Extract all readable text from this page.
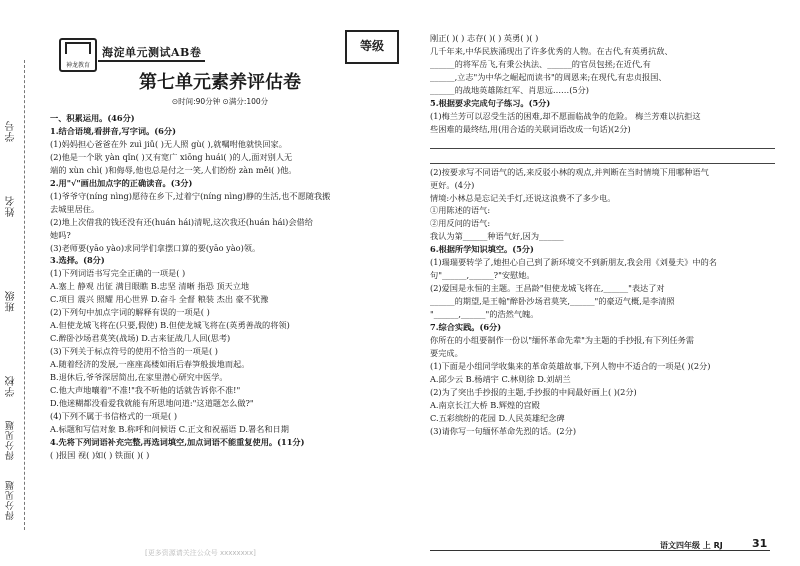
学号
姓名
班级
学校
得分见题
得分见题
神龙教育
海淀单元测试AB卷	等级
第七单元素养评估卷
⊙时间:90分钟 ⊙满分:100分

一、积累运用。(46分)

1.结合语境,看拼音,写字词。(6分)

(1)妈妈担心爸爸在外 zuì jiǔ( )无人照 gù( ),就嘱咐他就快回家。

(2)他是一个耿 yàn qǐn( )又有宽广 xiōng huái( )的人,面对别人无

端的 xùn chì( )和侮辱,他也总是付之一笑,人们纷纷 zàn měi( )他。

2.用"√"画出加点字的正确读音。(3分)

(1)爷爷守(níng nìng)愿待在乡下,过着宁(níng nìng)静的生活,也不愿随我搬

去城里居住。

(2)地上次借我的钱还没有还(huán hái)清呢,这次我还(huán hái)会借给

她吗?

(3)老师要(yāo yào)求同学们拿摆口算的要(yāo yào)领。

3.选择。(8分)

(1)下列词语书写完全正确的一项是( )

A.塞上 静观 出征 满目眼瞧 B.忠坚 清晰 指恐 顶天立地

C.项目 震兴 照耀 用心世界 D.奋斗 全督 粮装 杰出 豪不犹豫

(2)下列句中加点字词的解释有误的一项是( )

A.但使龙城飞将在(只要,假使) B.但使龙城飞将在(英勇善战的将领)

C.醉卧沙场君莫笑(战场) D.古来征战几人回(思考)

(3)下列关于标点符号的使用不恰当的一项是( )

A.随着经济的发展,一座座高楼如雨后春笋般拔地而起。

B.退休后,爷爷深居简出,在家里潜心研究中医学。

C.他大声地嚷着"不准!"我不听他的话就告诉你不准!"

D.他迷糊都没看爱我就能有所思地问道:"这道题怎么做?"

(4)下列不属于书信格式的一项是( )

A.标题和写信对象 B.称呼和问候语 C.正文和祝福语 D.署名和日期

4.先将下列词语补充完整,再选词填空,加点词语不能重复使用。(11分)

( )报国 视( )如( ) 铁面( )( )

刚正( )( ) 志存( )( ) 英勇( )( )

几千年来,中华民族涌现出了许多优秀的人物。在古代,有英勇抗敌、

______的将军岳飞,有秉公执法、______的官员包拯;在近代,有

______,立志"为中华之崛起而读书"的周恩来;在现代,有忠贞报国、

______的战地英雄陈红军、肖思远……(5分)

5.根据要求完成句子练习。(5分)

(1)梅兰芳可以忍受生活的困难,却不愿面临战争的危险。 梅兰芳难以抗拒这

些困难的最终结,用(用合适的关联词语改成一句话)(2分)

(2)按要求写不同语气的话,来反驳小林的观点,并判断在当时情境下用哪种语气

更好。(4分)

情境:小林总是忘记关手灯,还说这浪费不了多少电。

①用陈述的语气:

②用反问的语气:

我认为第______种语气好,因为______

6.根据所学知识填空。(5分)

(1)瑞瑞要转学了,她担心自己到了新环境交不到新朋友,我会用《刘曼夫》中的名

句"______,______?"安慰她。

(2)爱国是永恒的主题。王昌龄"但使龙城飞将在,______"表达了对

______的期望,是王翰"醉卧沙场君莫笑,______"的豪迈气概,是李清照

"______,______"的浩然气魄。

7.综合实践。(6分)

你所在的小组要制作一份以"缅怀革命先辈"为主题的手抄报,有下列任务需

要完成。

(1)下面是小组同学收集来的革命英雄故事,下列人物中不适合的一项是( )(2分)

A.邱少云 B.杨靖宇 C.林则徐 D.刘胡兰

(2)为了突出手抄报的主题,手抄报的中间最好画上( )(2分)

A.南京长江大桥 B.辉煌的宫殿

C.五彩缤纷的花园 D.人民英雄纪念碑

(3)请你写一句缅怀革命先烈的话。(2分)

语文四年级 上 RJ	31
[更多资源请关注公众号 xxxxxxxx]
